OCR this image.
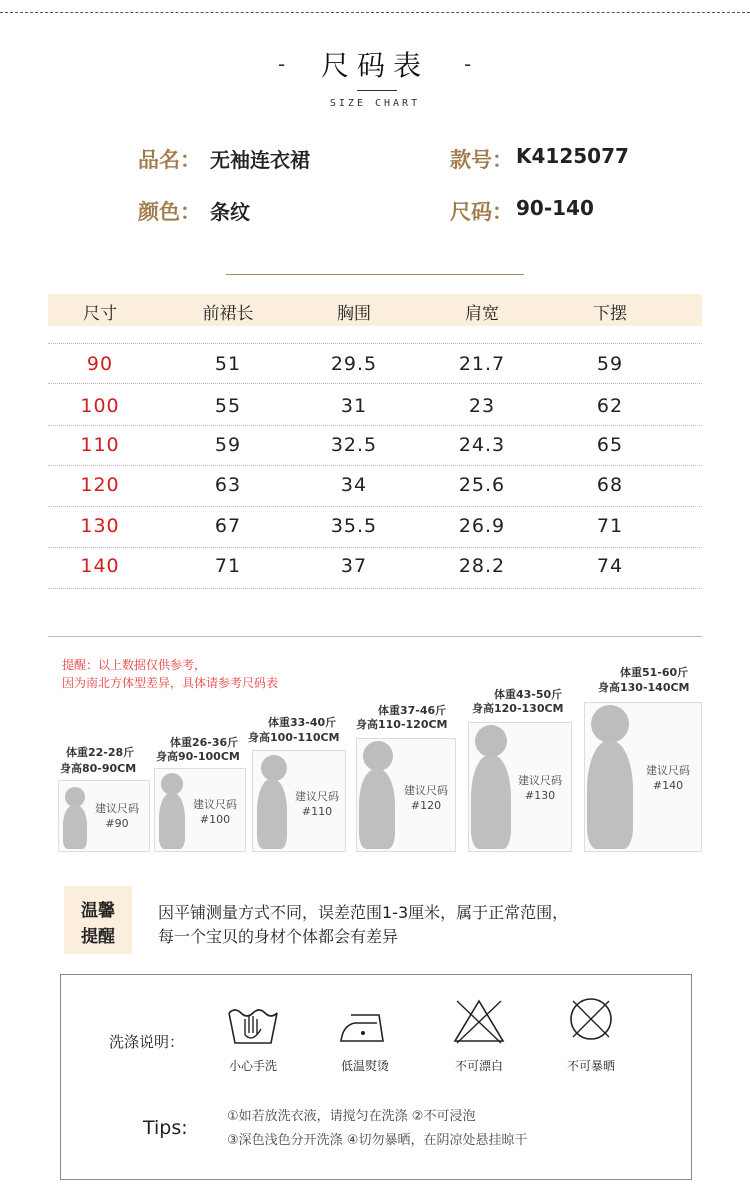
-	尺码表	-
SIZE CHART
品名： 无袖连衣裙	款号： K4125077
颜色： 条纹	尺码： 90-140
尺寸	前裙长	胸围	肩宽	下摆
90	51	29.5	21.7	59
100	55	31	23	62
110	59	32.5	24.3	65
120	63	34	25.6	68
130	67	35.5	26.9	71
140	71	37	28.2	74
提醒：以上数据仅供参考，
因为南北方体型差异，具体请参考尺码表
体重22-28斤
身高80-90CM
建议尺码
#90
体重26-36斤
身高90-100CM
建议尺码
#100
体重33-40斤
身高100-110CM
建议尺码
#110
体重37-46斤
身高110-120CM
建议尺码
#120
体重43-50斤
身高120-130CM
建议尺码
#130
体重51-60斤
身高130-140CM
建议尺码
#140
温馨
提醒
因平铺测量方式不同，误差范围1-3厘米，属于正常范围，
每一个宝贝的身材个体都会有差异
洗涤说明：
小心手洗	低温熨烫	不可漂白	不可暴晒
Tips:
①如若放洗衣液，请搅匀在洗涤 ②不可浸泡
③深色浅色分开洗涤 ④切勿暴晒，在阴凉处悬挂晾干
